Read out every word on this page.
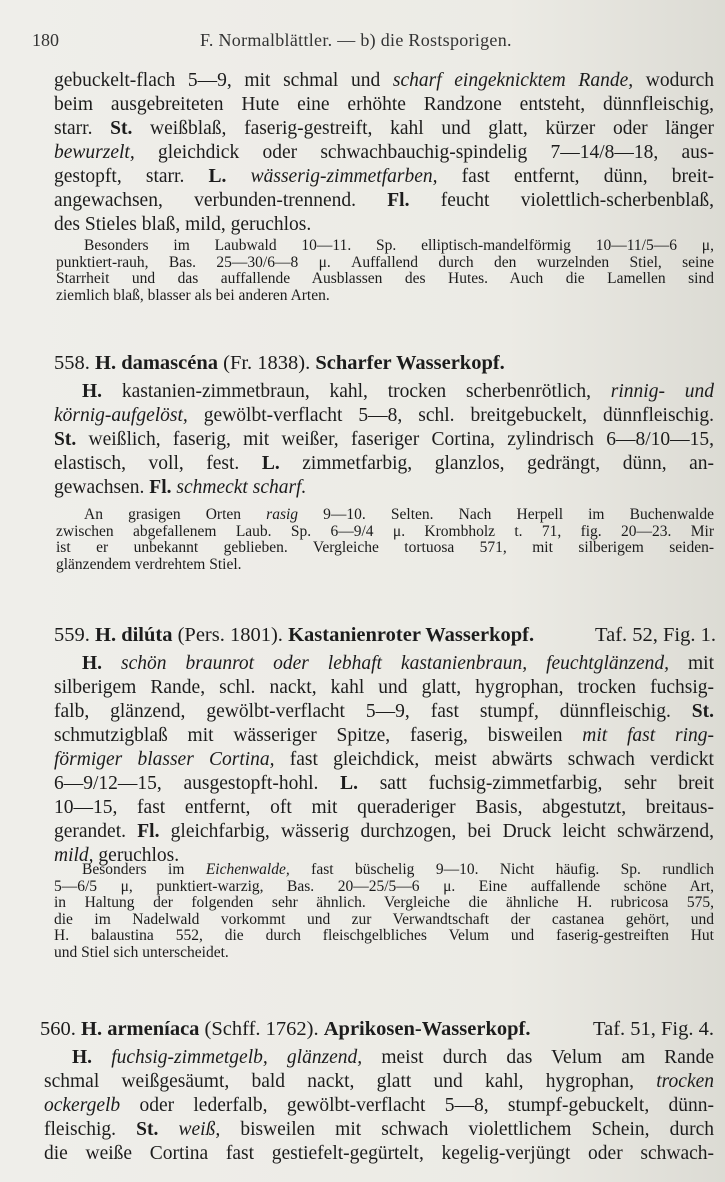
180	F. Normalblättler. — b) die Rostsporigen.
gebuckelt-flach 5—9, mit schmal und scharf eingeknicktem Rande, wodurch
beim ausgebreiteten Hute eine erhöhte Randzone entsteht, dünnfleischig,
starr. St. weißblaß, faserig-gestreift, kahl und glatt, kürzer oder länger
bewurzelt, gleichdick oder schwachbauchig-spindelig 7—14/8—18, aus-
gestopft, starr. L. wässerig-zimmetfarben, fast entfernt, dünn, breit-
angewachsen, verbunden-trennend. Fl. feucht violettlich-scherbenblaß,
des Stieles blaß, mild, geruchlos.
Besonders im Laubwald 10—11. Sp. elliptisch-mandelförmig 10—11/5—6 μ,
punktiert-rauh, Bas. 25—30/6—8 μ. Auffallend durch den wurzelnden Stiel, seine
Starrheit und das auffallende Ausblassen des Hutes. Auch die Lamellen sind
ziemlich blaß, blasser als bei anderen Arten.
558. H. damascéna (Fr. 1838). Scharfer Wasserkopf.
H. kastanien-zimmetbraun, kahl, trocken scherbenrötlich, rinnig- und
körnig-aufgelöst, gewölbt-verflacht 5—8, schl. breitgebuckelt, dünnfleischig.
St. weißlich, faserig, mit weißer, faseriger Cortina, zylindrisch 6—8/10—15,
elastisch, voll, fest. L. zimmetfarbig, glanzlos, gedrängt, dünn, an-
gewachsen. Fl. schmeckt scharf.
An grasigen Orten rasig 9—10. Selten. Nach Herpell im Buchenwalde
zwischen abgefallenem Laub. Sp. 6—9/4 μ. Krombholz t. 71, fig. 20—23. Mir
ist er unbekannt geblieben. Vergleiche tortuosa 571, mit silberigem seiden-
glänzendem verdrehtem Stiel.
559. H. dilúta (Pers. 1801). Kastanienroter Wasserkopf.	Taf. 52, Fig. 1.
H. schön braunrot oder lebhaft kastanienbraun, feuchtglänzend, mit
silberigem Rande, schl. nackt, kahl und glatt, hygrophan, trocken fuchsig-
falb, glänzend, gewölbt-verflacht 5—9, fast stumpf, dünnfleischig. St.
schmutzigblaß mit wässeriger Spitze, faserig, bisweilen mit fast ring-
förmiger blasser Cortina, fast gleichdick, meist abwärts schwach verdickt
6—9/12—15, ausgestopft-hohl. L. satt fuchsig-zimmetfarbig, sehr breit
10—15, fast entfernt, oft mit queraderiger Basis, abgestutzt, breitaus-
gerandet. Fl. gleichfarbig, wässerig durchzogen, bei Druck leicht schwärzend,
mild, geruchlos.
Besonders im Eichenwalde, fast büschelig 9—10. Nicht häufig. Sp. rundlich
5—6/5 μ, punktiert-warzig, Bas. 20—25/5—6 μ. Eine auffallende schöne Art,
in Haltung der folgenden sehr ähnlich. Vergleiche die ähnliche H. rubricosa 575,
die im Nadelwald vorkommt und zur Verwandtschaft der castanea gehört, und
H. balaustina 552, die durch fleischgelbliches Velum und faserig-gestreiften Hut
und Stiel sich unterscheidet.
560. H. armeníaca (Schff. 1762). Aprikosen-Wasserkopf.	Taf. 51, Fig. 4.
H. fuchsig-zimmetgelb, glänzend, meist durch das Velum am Rande
schmal weißgesäumt, bald nackt, glatt und kahl, hygrophan, trocken
ockergelb oder lederfalb, gewölbt-verflacht 5—8, stumpf-gebuckelt, dünn-
fleischig. St. weiß, bisweilen mit schwach violettlichem Schein, durch
die weiße Cortina fast gestiefelt-gegürtelt, kegelig-verjüngt oder schwach-
